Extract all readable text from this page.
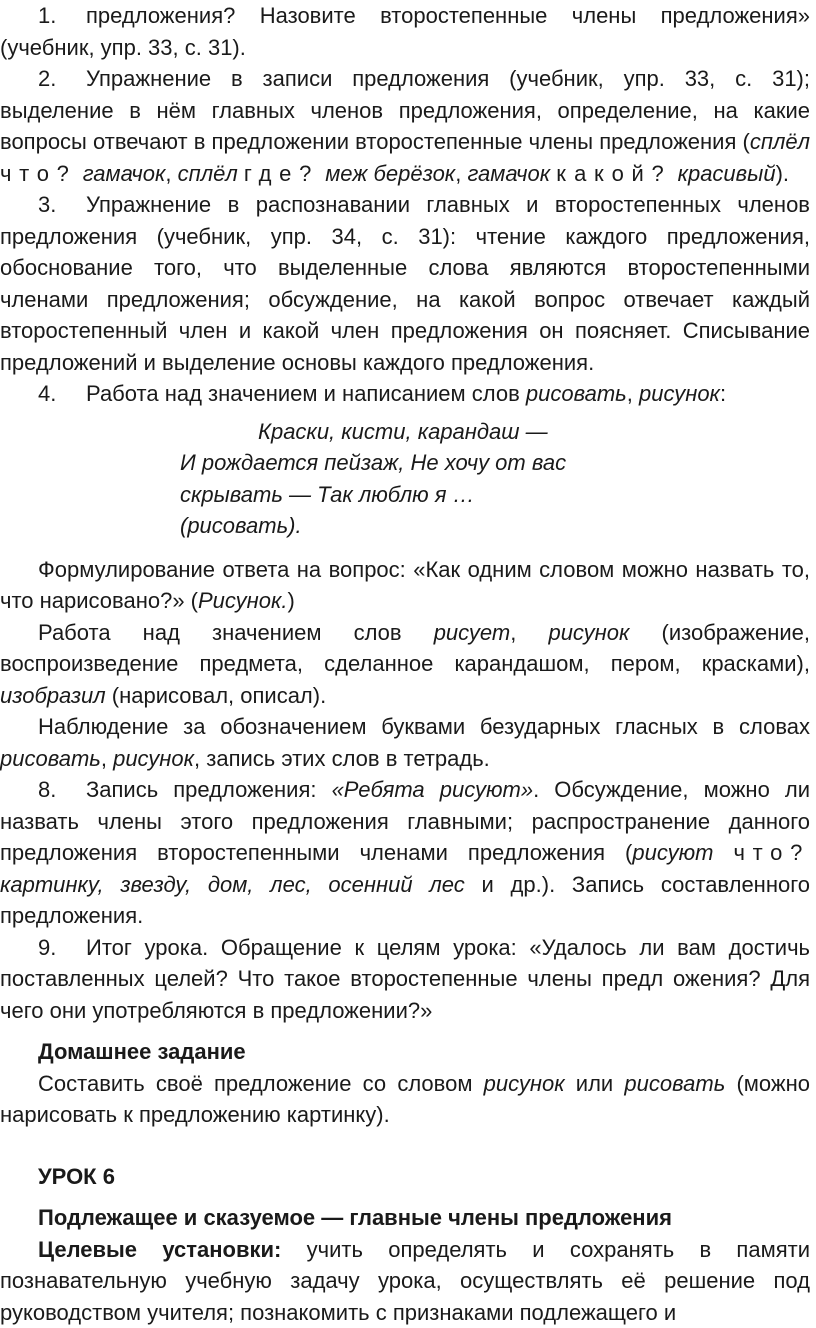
1. предложения? Назовите второстепенные члены предложения» (учебник, упр. 33, с. 31).

2. Упражнение в записи предложения (учебник, упр. 33, с. 31); выделение в нём главных членов предложения, определение, на какие вопросы отвечают в предложении второстепенные члены предложения (сплёл что? гамачок, сплёл где? меж берёзок, гамачок какой? красивый).

3. Упражнение в распознавании главных и второстепенных членов предложения (учебник, упр. 34, с. 31): чтение каждого предложения, обоснование того, что выделенные слова являются второстепенными членами предложения; обсуждение, на какой вопрос отвечает каждый второстепенный член и какой член предложения он поясняет. Списывание предложений и выделение основы каждого предложения.

4. Работа над значением и написанием слов рисовать, рисунок:

Краски, кисти, карандаш —
И рождается пейзаж, Не хочу от вас
скрывать — Так люблю я …
(рисовать).

Формулирование ответа на вопрос: «Как одним словом можно назвать то, что нарисовано?» (Рисунок.)

Работа над значением слов рисует, рисунок (изображение, воспроизведение предмета, сделанное карандашом, пером, красками), изобразил (нарисовал, описал).

Наблюдение за обозначением буквами безударных гласных в словах рисовать, рисунок, запись этих слов в тетрадь.

8. Запись предложения: «Ребята рисуют». Обсуждение, можно ли назвать члены этого предложения главными; распространение данного предложения второстепенными членами предложения (рисуют что? картинку, звезду, дом, лес, осенний лес и др.). Запись составленного предложения.

9. Итог урока. Обращение к целям урока: «Удалось ли вам достичь поставленных целей? Что такое второстепенные члены предл ожения? Для чего они употребляются в предложении?»

Домашнее задание

Составить своё предложение со словом рисунок или рисовать (можно нарисовать к предложению картинку).

УРОК 6

Подлежащее и сказуемое — главные члены предложения

Целевые установки: учить определять и сохранять в памяти познавательную учебную задачу урока, осуществлять её решение под руководством учителя; познакомить с признаками подлежащего и
